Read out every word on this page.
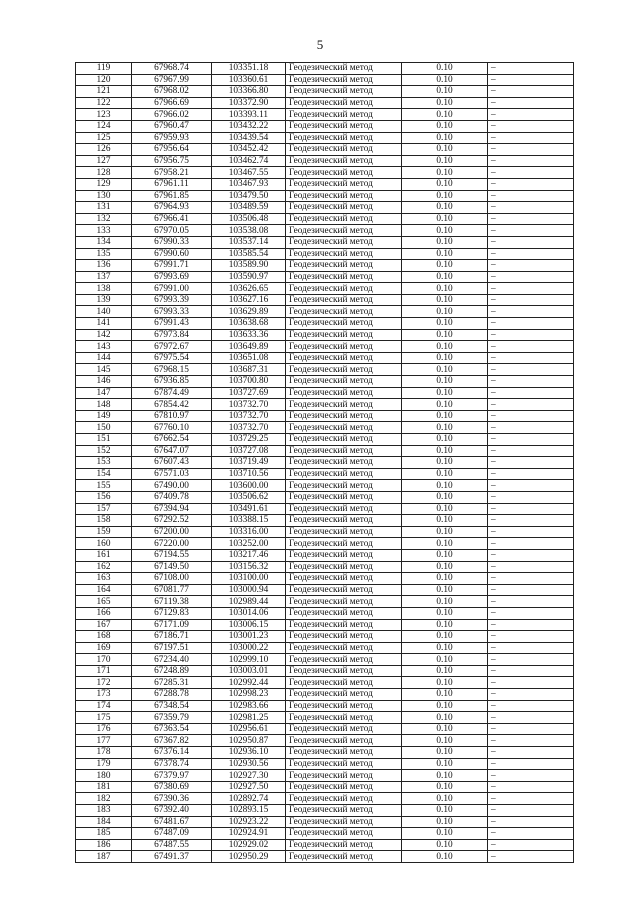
5
119	67968.74	103351.18	Геодезический метод	0.10	–
120	67967.99	103360.61	Геодезический метод	0.10	–
121	67968.02	103366.80	Геодезический метод	0.10	–
122	67966.69	103372.90	Геодезический метод	0.10	–
123	67966.02	103393.11	Геодезический метод	0.10	–
124	67960.47	103432.22	Геодезический метод	0.10	–
125	67959.93	103439.54	Геодезический метод	0.10	–
126	67956.64	103452.42	Геодезический метод	0.10	–
127	67956.75	103462.74	Геодезический метод	0.10	–
128	67958.21	103467.55	Геодезический метод	0.10	–
129	67961.11	103467.93	Геодезический метод	0.10	–
130	67961.85	103479.50	Геодезический метод	0.10	–
131	67964.93	103489.59	Геодезический метод	0.10	–
132	67966.41	103506.48	Геодезический метод	0.10	–
133	67970.05	103538.08	Геодезический метод	0.10	–
134	67990.33	103537.14	Геодезический метод	0.10	–
135	67990.60	103585.54	Геодезический метод	0.10	–
136	67991.71	103589.90	Геодезический метод	0.10	–
137	67993.69	103590.97	Геодезический метод	0.10	–
138	67991.00	103626.65	Геодезический метод	0.10	–
139	67993.39	103627.16	Геодезический метод	0.10	–
140	67993.33	103629.89	Геодезический метод	0.10	–
141	67991.43	103638.68	Геодезический метод	0.10	–
142	67973.84	103633.36	Геодезический метод	0.10	–
143	67972.67	103649.89	Геодезический метод	0.10	–
144	67975.54	103651.08	Геодезический метод	0.10	–
145	67968.15	103687.31	Геодезический метод	0.10	–
146	67936.85	103700.80	Геодезический метод	0.10	–
147	67874.49	103727.69	Геодезический метод	0.10	–
148	67854.42	103732.70	Геодезический метод	0.10	–
149	67810.97	103732.70	Геодезический метод	0.10	–
150	67760.10	103732.70	Геодезический метод	0.10	–
151	67662.54	103729.25	Геодезический метод	0.10	–
152	67647.07	103727.08	Геодезический метод	0.10	–
153	67607.43	103719.49	Геодезический метод	0.10	–
154	67571.03	103710.56	Геодезический метод	0.10	–
155	67490.00	103600.00	Геодезический метод	0.10	–
156	67409.78	103506.62	Геодезический метод	0.10	–
157	67394.94	103491.61	Геодезический метод	0.10	–
158	67292.52	103388.15	Геодезический метод	0.10	–
159	67200.00	103316.00	Геодезический метод	0.10	–
160	67220.00	103252.00	Геодезический метод	0.10	–
161	67194.55	103217.46	Геодезический метод	0.10	–
162	67149.50	103156.32	Геодезический метод	0.10	–
163	67108.00	103100.00	Геодезический метод	0.10	–
164	67081.77	103000.94	Геодезический метод	0.10	–
165	67119.38	102989.44	Геодезический метод	0.10	–
166	67129.83	103014.06	Геодезический метод	0.10	–
167	67171.09	103006.15	Геодезический метод	0.10	–
168	67186.71	103001.23	Геодезический метод	0.10	–
169	67197.51	103000.22	Геодезический метод	0.10	–
170	67234.40	102999.10	Геодезический метод	0.10	–
171	67248.89	103003.01	Геодезический метод	0.10	–
172	67285.31	102992.44	Геодезический метод	0.10	–
173	67288.78	102998.23	Геодезический метод	0.10	–
174	67348.54	102983.66	Геодезический метод	0.10	–
175	67359.79	102981.25	Геодезический метод	0.10	–
176	67363.54	102956.61	Геодезический метод	0.10	–
177	67367.82	102950.87	Геодезический метод	0.10	–
178	67376.14	102936.10	Геодезический метод	0.10	–
179	67378.74	102930.56	Геодезический метод	0.10	–
180	67379.97	102927.30	Геодезический метод	0.10	–
181	67380.69	102927.50	Геодезический метод	0.10	–
182	67390.36	102892.74	Геодезический метод	0.10	–
183	67392.40	102893.15	Геодезический метод	0.10	–
184	67481.67	102923.22	Геодезический метод	0.10	–
185	67487.09	102924.91	Геодезический метод	0.10	–
186	67487.55	102929.02	Геодезический метод	0.10	–
187	67491.37	102950.29	Геодезический метод	0.10	–
